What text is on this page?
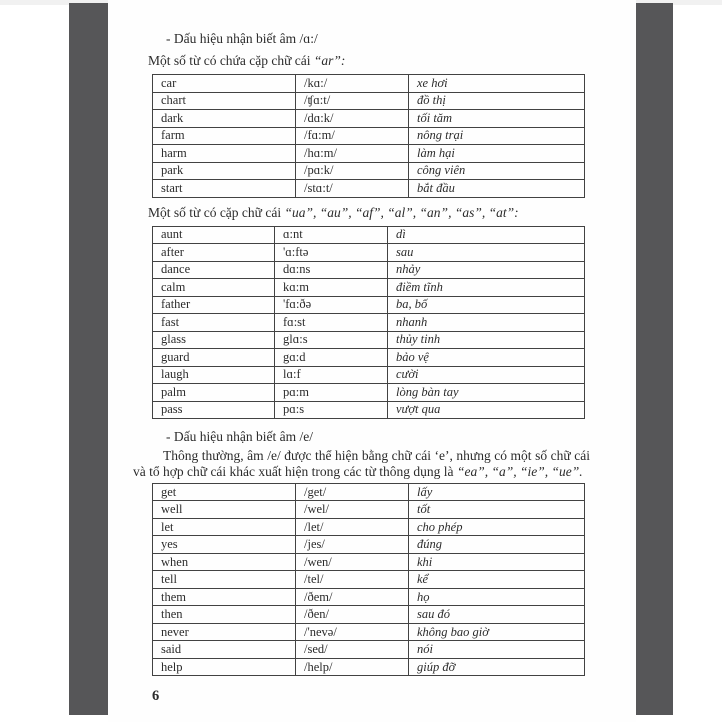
- Dấu hiệu nhận biết âm /ɑ:/

Một số từ có chứa cặp chữ cái “ar”:

car	/kɑ:/	xe hơi
chart	/ʧɑ:t/	đồ thị
dark	/dɑ:k/	tối tăm
farm	/fɑ:m/	nông trại
harm	/hɑ:m/	làm hại
park	/pɑ:k/	công viên
start	/stɑ:t/	bắt đầu

Một số từ có cặp chữ cái “ua”, “au”, “af”, “al”, “an”, “as”, “at”:

aunt	ɑ:nt	dì
after	'ɑ:ftə	sau
dance	dɑ:ns	nhảy
calm	kɑ:m	điềm tĩnh
father	'fɑ:ðə	ba, bố
fast	fɑ:st	nhanh
glass	glɑ:s	thủy tinh
guard	gɑ:d	bảo vệ
laugh	lɑ:f	cười
palm	pɑ:m	lòng bàn tay
pass	pɑ:s	vượt qua

- Dấu hiệu nhận biết âm /e/

Thông thường, âm /e/ được thể hiện bằng chữ cái ‘e’, nhưng có một số chữ cái và tổ hợp chữ cái khác xuất hiện trong các từ thông dụng là “ea”, “a”, “ie”, “ue”.

get	/get/	lấy
well	/wel/	tốt
let	/let/	cho phép
yes	/jes/	đúng
when	/wen/	khi
tell	/tel/	kể
them	/ðem/	họ
then	/ðen/	sau đó
never	/'nevə/	không bao giờ
said	/sed/	nói
help	/help/	giúp đỡ

6
